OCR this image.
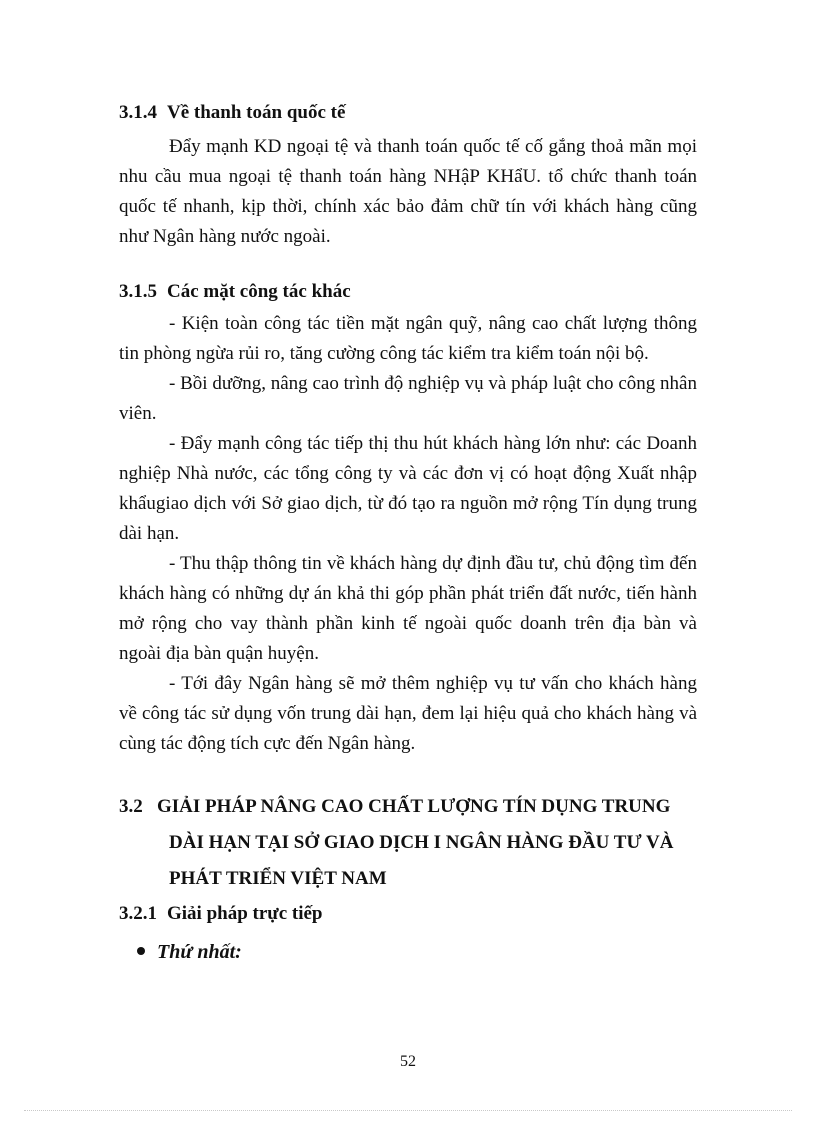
3.1.4 Về thanh toán quốc tế

Đẩy mạnh KD ngoại tệ và thanh toán quốc tế cố gắng thoả mãn mọi nhu cầu mua ngoại tệ thanh toán hàng NHậP KHẩU. tổ chức thanh toán quốc tế nhanh, kịp thời, chính xác bảo đảm chữ tín với khách hàng cũng như Ngân hàng nước ngoài.

3.1.5 Các mặt công tác khác

- Kiện toàn công tác tiền mặt ngân quỹ, nâng cao chất lượng thông tin phòng ngừa rủi ro, tăng cường công tác kiểm tra kiểm toán nội bộ.

- Bồi dưỡng, nâng cao trình độ nghiệp vụ và pháp luật cho công nhân viên.

- Đẩy mạnh công tác tiếp thị thu hút khách hàng lớn như: các Doanh nghiệp Nhà nước, các tổng công ty và các đơn vị có hoạt động Xuất nhập khẩugiao dịch với Sở giao dịch, từ đó tạo ra nguồn mở rộng Tín dụng trung dài hạn.

- Thu thập thông tin về khách hàng dự định đầu tư, chủ động tìm đến khách hàng có những dự án khả thi góp phần phát triển đất nước, tiến hành mở rộng cho vay thành phần kinh tế ngoài quốc doanh trên địa bàn và ngoài địa bàn quận huyện.

- Tới đây Ngân hàng sẽ mở thêm nghiệp vụ tư vấn cho khách hàng về công tác sử dụng vốn trung dài hạn, đem lại hiệu quả cho khách hàng và cùng tác động tích cực đến Ngân hàng.

3.2 GIẢI PHÁP NÂNG CAO CHẤT LƯỢNG TÍN DỤNG TRUNG
DÀI HẠN TẠI SỞ GIAO DỊCH I NGÂN HÀNG ĐẦU TƯ VÀ
PHÁT TRIỂN VIỆT NAM

3.2.1 Giải pháp trực tiếp

Thứ nhất:
52
